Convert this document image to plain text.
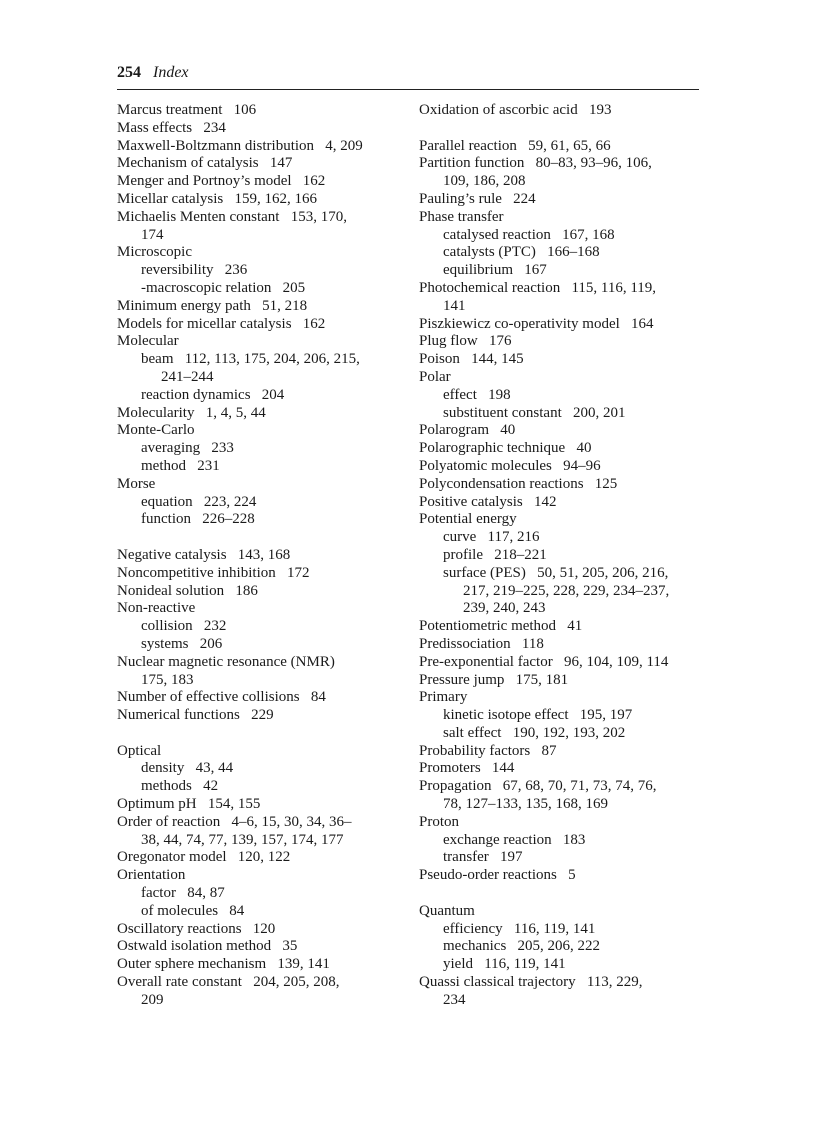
254 Index
Marcus treatment   106
Mass effects   234
Maxwell-Boltzmann distribution   4, 209
Mechanism of catalysis   147
Menger and Portnoy’s model   162
Micellar catalysis   159, 162, 166
Michaelis Menten constant   153, 170,
174
Microscopic
reversibility   236
-macroscopic relation   205
Minimum energy path   51, 218
Models for micellar catalysis   162
Molecular
beam   112, 113, 175, 204, 206, 215,
241–244
reaction dynamics   204
Molecularity   1, 4, 5, 44
Monte-Carlo
averaging   233
method   231
Morse
equation   223, 224
function   226–228
Negative catalysis   143, 168
Noncompetitive inhibition   172
Nonideal solution   186
Non-reactive
collision   232
systems   206
Nuclear magnetic resonance (NMR)
175, 183
Number of effective collisions   84
Numerical functions   229
Optical
density   43, 44
methods   42
Optimum pH   154, 155
Order of reaction   4–6, 15, 30, 34, 36–
38, 44, 74, 77, 139, 157, 174, 177
Oregonator model   120, 122
Orientation
factor   84, 87
of molecules   84
Oscillatory reactions   120
Ostwald isolation method   35
Outer sphere mechanism   139, 141
Overall rate constant   204, 205, 208,
209
Oxidation of ascorbic acid   193
Parallel reaction   59, 61, 65, 66
Partition function   80–83, 93–96, 106,
109, 186, 208
Pauling’s rule   224
Phase transfer
catalysed reaction   167, 168
catalysts (PTC)   166–168
equilibrium   167
Photochemical reaction   115, 116, 119,
141
Piszkiewicz co-operativity model   164
Plug flow   176
Poison   144, 145
Polar
effect   198
substituent constant   200, 201
Polarogram   40
Polarographic technique   40
Polyatomic molecules   94–96
Polycondensation reactions   125
Positive catalysis   142
Potential energy
curve   117, 216
profile   218–221
surface (PES)   50, 51, 205, 206, 216,
217, 219–225, 228, 229, 234–237,
239, 240, 243
Potentiometric method   41
Predissociation   118
Pre-exponential factor   96, 104, 109, 114
Pressure jump   175, 181
Primary
kinetic isotope effect   195, 197
salt effect   190, 192, 193, 202
Probability factors   87
Promoters   144
Propagation   67, 68, 70, 71, 73, 74, 76,
78, 127–133, 135, 168, 169
Proton
exchange reaction   183
transfer   197
Pseudo-order reactions   5
Quantum
efficiency   116, 119, 141
mechanics   205, 206, 222
yield   116, 119, 141
Quassi classical trajectory   113, 229,
234
